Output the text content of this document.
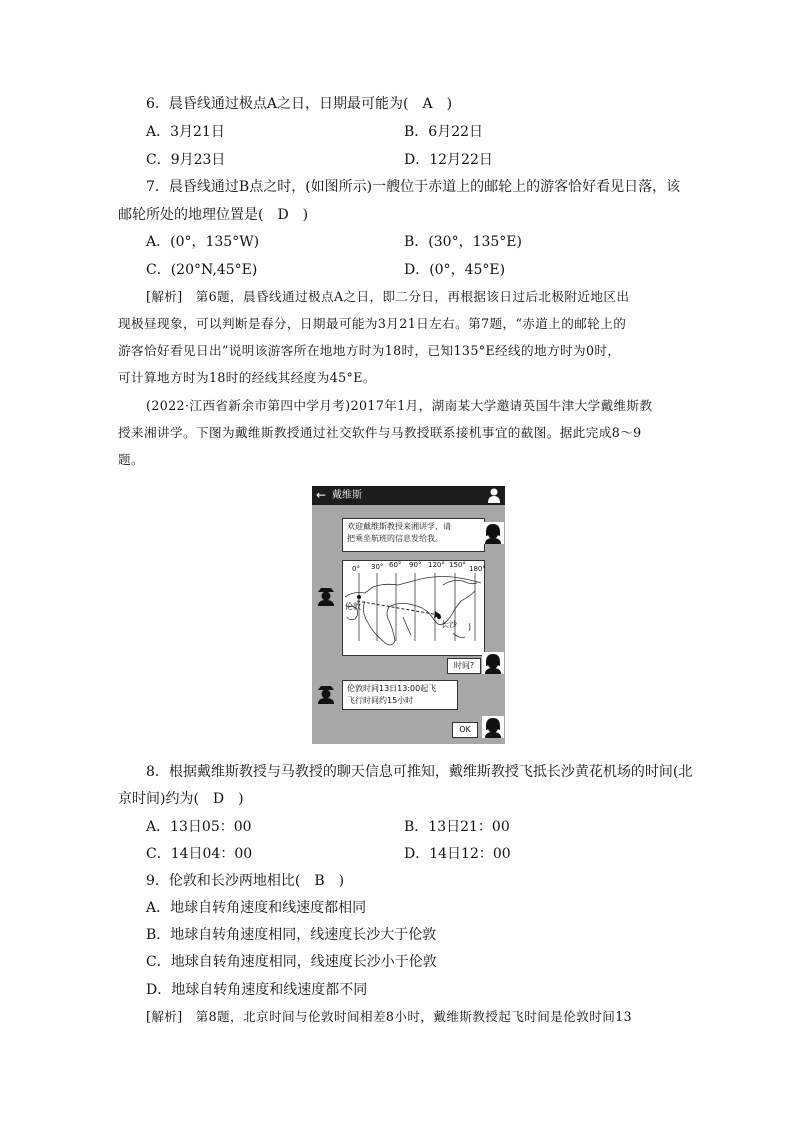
6．晨昏线通过极点A之日，日期最可能为(　A　)
A．3月21日	B．6月22日
C．9月23日	D．12月22日
7．晨昏线通过B点之时，(如图所示)一艘位于赤道上的邮轮上的游客恰好看见日落，该
邮轮所处的地理位置是(　D　)
A．(0°，135°W)	B．(30°，135°E)
C．(20°N,45°E)	D．(0°，45°E)
[解析]　第6题，晨昏线通过极点A之日，即二分日，再根据该日过后北极附近地区出
现极昼现象，可以判断是春分，日期最可能为3月21日左右。第7题，“赤道上的邮轮上的
游客恰好看见日出”说明该游客所在地地方时为18时，已知135°E经线的地方时为0时，
可计算地方时为18时的经线其经度为45°E。
(2022·江西省新余市第四中学月考)2017年1月，湖南某大学邀请英国牛津大学戴维斯教
授来湘讲学。下图为戴维斯教授通过社交软件与马教授联系接机事宜的截图。据此完成8～9
题。
← 戴维斯
欢迎戴维斯教授来湘讲学，请
把乘坐航班的信息发给我。
0° 30° 60° 90° 120° 150° 180°
伦敦
长沙
时间?
伦敦时间13日13:00起飞
飞行时间约15小时
OK
8．根据戴维斯教授与马教授的聊天信息可推知，戴维斯教授飞抵长沙黄花机场的时间(北
京时间)约为(　D　)
A．13日05：00	B．13日21：00
C．14日04：00	D．14日12：00
9．伦敦和长沙两地相比(　B　)
A．地球自转角速度和线速度都相同
B．地球自转角速度相同，线速度长沙大于伦敦
C．地球自转角速度相同，线速度长沙小于伦敦
D．地球自转角速度和线速度都不同
[解析]　第8题，北京时间与伦敦时间相差8小时，戴维斯教授起飞时间是伦敦时间13
